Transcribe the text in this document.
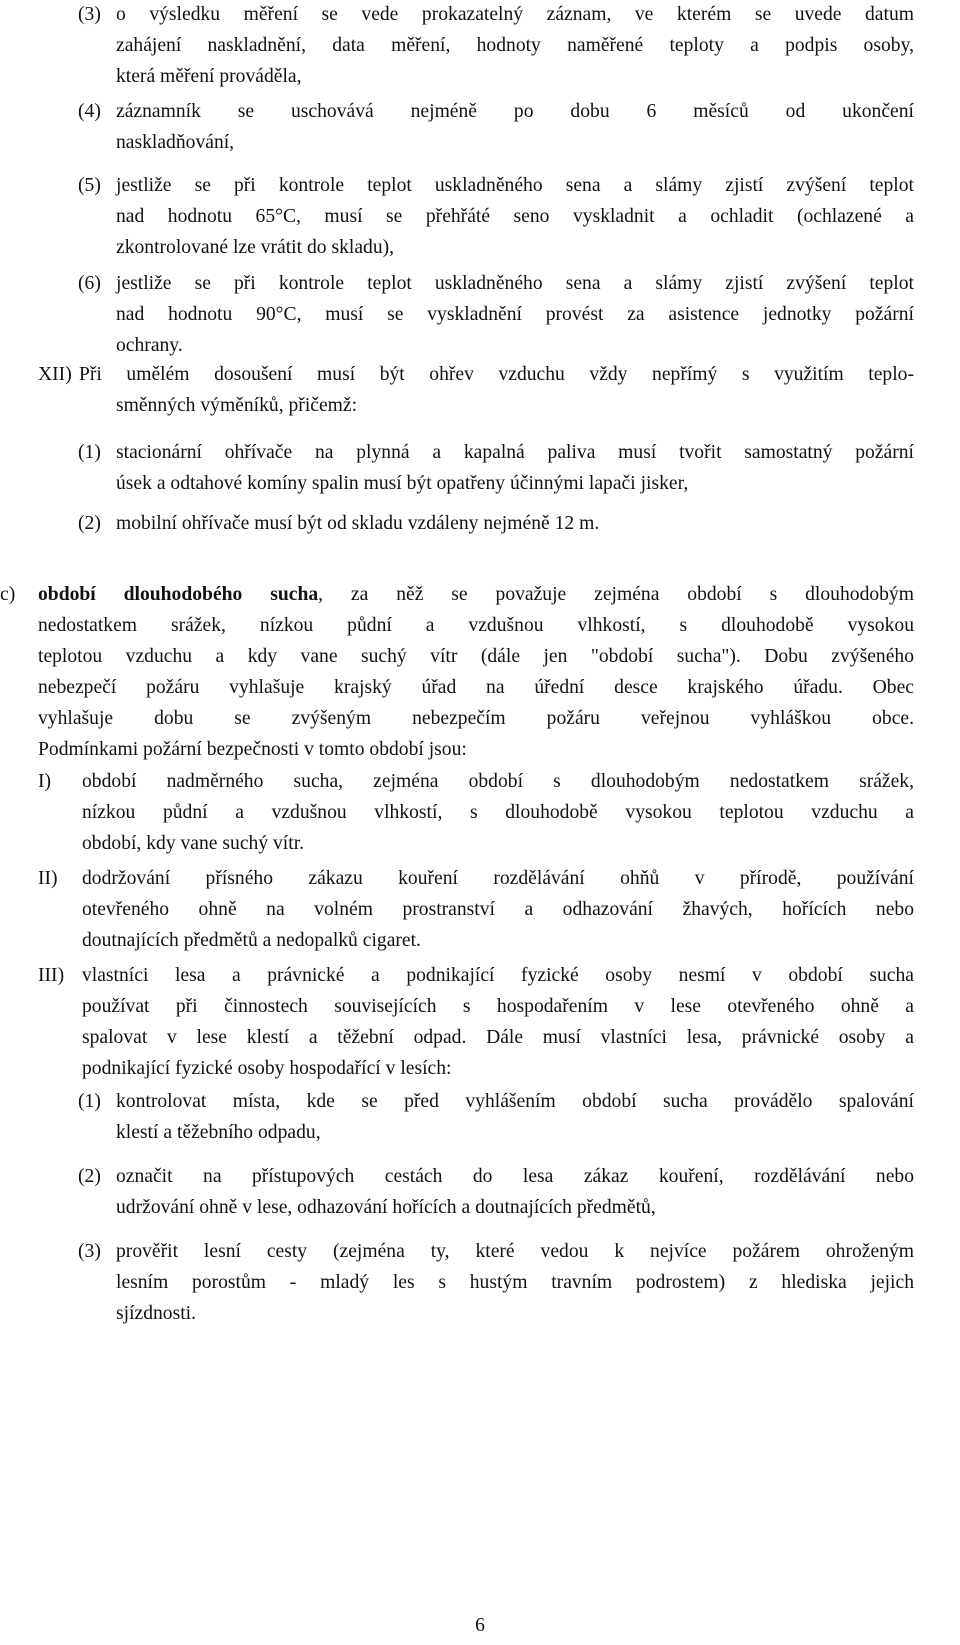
(3) o výsledku měření se vede prokazatelný záznam, ve kterém se uvede datum
zahájení naskladnění, data měření, hodnoty naměřené teploty a podpis osoby,
která měření prováděla,
(4) záznamník se uschovává nejméně po dobu 6 měsíců od ukončení
naskladňování,
(5) jestliže se při kontrole teplot uskladněného sena a slámy zjistí zvýšení teplot
nad hodnotu 65°C, musí se přehřáté seno vyskladnit a ochladit (ochlazené a
zkontrolované lze vrátit do skladu),
(6) jestliže se při kontrole teplot uskladněného sena a slámy zjistí zvýšení teplot
nad hodnotu 90°C, musí se vyskladnění provést za asistence jednotky požární
ochrany.
XII) Při umělém dosoušení musí být ohřev vzduchu vždy nepřímý s využitím teplo-
směnných výměníků, přičemž:
(1) stacionární ohřívače na plynná a kapalná paliva musí tvořit samostatný požární
úsek a odtahové komíny spalin musí být opatřeny účinnými lapači jisker,
(2) mobilní ohřívače musí být od skladu vzdáleny nejméně 12 m.
c) období dlouhodobého sucha, za něž se považuje zejména období s dlouhodobým
nedostatkem srážek, nízkou půdní a vzdušnou vlhkostí, s dlouhodobě vysokou
teplotou vzduchu a kdy vane suchý vítr (dále jen "období sucha"). Dobu zvýšeného
nebezpečí požáru vyhlašuje krajský úřad na úřední desce krajského úřadu. Obec
vyhlašuje dobu se zvýšeným nebezpečím požáru veřejnou vyhláškou obce.
Podmínkami požární bezpečnosti v tomto období jsou:
I) období nadměrného sucha, zejména období s dlouhodobým nedostatkem srážek,
nízkou půdní a vzdušnou vlhkostí, s dlouhodobě vysokou teplotou vzduchu a
období, kdy vane suchý vítr.
II) dodržování přísného zákazu kouření rozdělávání ohňů v přírodě, používání
otevřeného ohně na volném prostranství a odhazování žhavých, hořících nebo
doutnajících předmětů a nedopalků cigaret.
III) vlastníci lesa a právnické a podnikající fyzické osoby nesmí v období sucha
používat při činnostech souvisejících s hospodařením v lese otevřeného ohně a
spalovat v lese klestí a těžební odpad. Dále musí vlastníci lesa, právnické osoby a
podnikající fyzické osoby hospodařící v lesích:
(1) kontrolovat místa, kde se před vyhlášením období sucha provádělo spalování
klestí a těžebního odpadu,
(2) označit na přístupových cestách do lesa zákaz kouření, rozdělávání nebo
udržování ohně v lese, odhazování hořících a doutnajících předmětů,
(3) prověřit lesní cesty (zejména ty, které vedou k nejvíce požárem ohroženým
lesním porostům - mladý les s hustým travním podrostem) z hlediska jejich
sjízdnosti.
6
